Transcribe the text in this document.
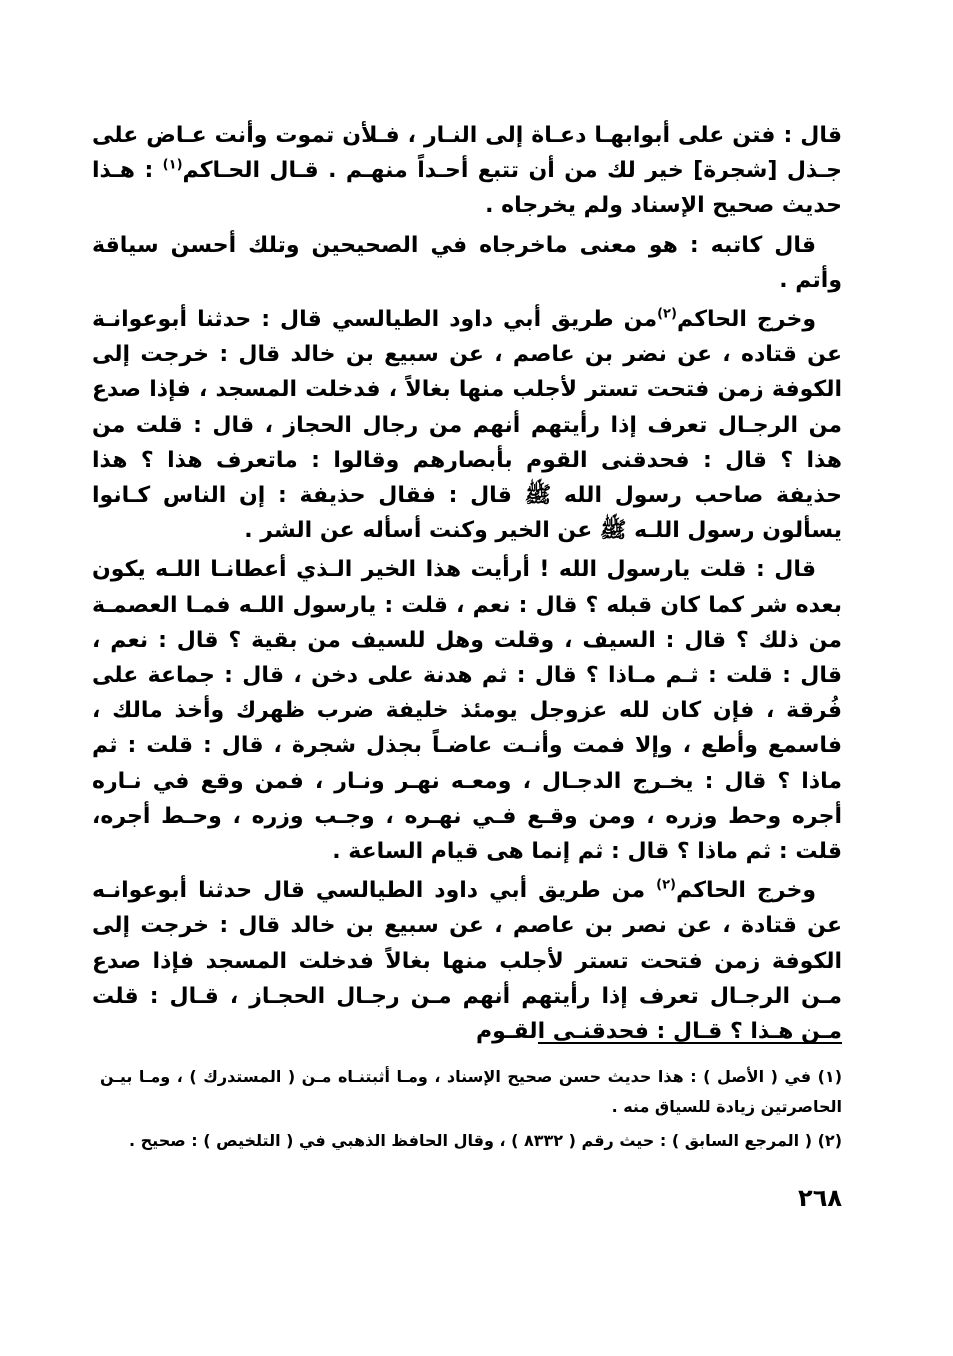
قال : فتن على أبوابهـا دعـاة إلى النـار ، فـلأن تموت وأنت عـاض على جـذل [شجرة] خير لك من أن تتبع أحـداً منهـم . قـال الحـاكم$^{(١)}$ : هـذا حديث صحيح الإسناد ولم يخرجاه .

قال كاتبه : هو معنى ماخرجاه في الصحيحين وتلك أحسن سياقة وأتم .

وخرج الحاكم$^{(٢)}$من طريق أبي داود الطيالسي قال : حدثنا أبوعوانـة عن قتاده ، عن نضر بن عاصم ، عن سبيع بن خالد قال : خرجت إلى الكوفة زمن فتحت تستر لأجلب منها بغالاً ، فدخلت المسجد ، فإذا صدع من الرجـال تعرف إذا رأيتهم أنهم من رجال الحجاز ، قال : قلت من هذا ؟ قال : فحدقنى القوم بأبصارهم وقالوا : ماتعرف هذا ؟ هذا حذيفة صاحب رسول الله ﷺ قال : فقال حذيفة : إن الناس كـانوا يسألون رسول اللـه ﷺ عن الخير وكنت أسأله عن الشر .

قال : قلت يارسول الله ! أرأيت هذا الخير الـذي أعطانـا اللـه يكون بعده شر كما كان قبله ؟ قال : نعم ، قلت : يارسول اللـه فمـا العصمـة من ذلك ؟ قال : السيف ، وقلت وهل للسيف من بقية ؟ قال : نعم ، قال : قلت : ثـم مـاذا ؟ قال : ثم هدنة على دخن ، قال : جماعة على فُرقة ، فإن كان لله عزوجل يومئذ خليفة ضرب ظهرك وأخذ مالك ، فاسمع وأطع ، وإلا فمت وأنـت عاضـاً بجذل شجرة ، قال : قلت : ثم ماذا ؟ قال : يخـرج الدجـال ، ومعـه نهـر ونـار ، فمن وقع في نـاره أجره وحط وزره ، ومن وقـع فـي نهـره ، وجـب وزره ، وحـط أجره، قلت : ثم ماذا ؟ قال : ثم إنما هى قيام الساعة .

وخرج الحاكم$^{(٢)}$ من طريق أبي داود الطيالسي قال حدثنا أبوعوانـه عن قتادة ، عن نصر بن عاصم ، عن سبيع بن خالد قال : خرجت إلى الكوفة زمن فتحت تستر لأجلب منها بغالاً فدخلت المسجد فإذا صدع مـن الرجـال تعرف إذا رأيتهم أنهم مـن رجـال الحجـاز ، قـال : قلت مـن هـذا ؟ قـال : فحدقنـي القـوم

(١) في ( الأصل ) : هذا حديث حسن صحيح الإسناد ، ومـا أثبتنـاه مـن ( المستدرك ) ، ومـا بيـن الحاصرتين زيادة للسياق منه .

(٢) ( المرجع السابق ) : حيث رقم ( ٨٣٣٢ ) ، وقال الحافظ الذهبي في ( التلخيص ) : صحيح .

٢٦٨
